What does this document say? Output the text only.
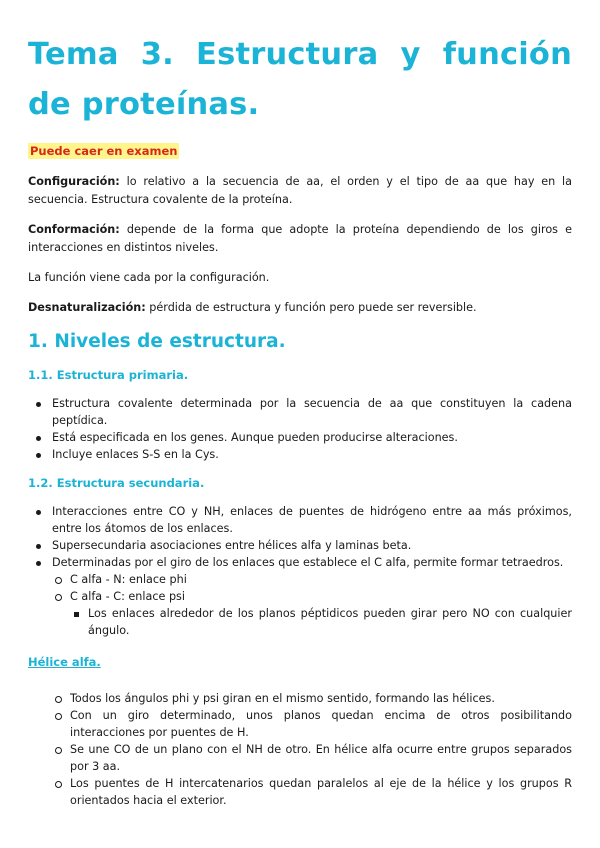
Tema 3. Estructura y función de proteínas.
Puede caer en examen

Configuración: lo relativo a la secuencia de aa, el orden y el tipo de aa que hay en la secuencia. Estructura covalente de la proteína.

Conformación: depende de la forma que adopte la proteína dependiendo de los giros e interacciones en distintos niveles.

La función viene cada por la configuración.

Desnaturalización: pérdida de estructura y función pero puede ser reversible.

1. Niveles de estructura.
1.1. Estructura primaria.
Estructura covalente determinada por la secuencia de aa que constituyen la cadena peptídica.
Está especificada en los genes. Aunque pueden producirse alteraciones.
Incluye enlaces S-S en la Cys.
1.2. Estructura secundaria.
Interacciones entre CO y NH, enlaces de puentes de hidrógeno entre aa más próximos, entre los átomos de los enlaces.
Supersecundaria asociaciones entre hélices alfa y laminas beta.
Determinadas por el giro de los enlaces que establece el C alfa, permite formar tetraedros.
C alfa - N: enlace phi
C alfa - C: enlace psi
Los enlaces alrededor de los planos péptidicos pueden girar pero NO con cualquier ángulo.
Hélice alfa.
Todos los ángulos phi y psi giran en el mismo sentido, formando las hélices.
Con un giro determinado, unos planos quedan encima de otros posibilitando interacciones por puentes de H.
Se une CO de un plano con el NH de otro. En hélice alfa ocurre entre grupos separados por 3 aa.
Los puentes de H intercatenarios quedan paralelos al eje de la hélice y los grupos R orientados hacia el exterior.
